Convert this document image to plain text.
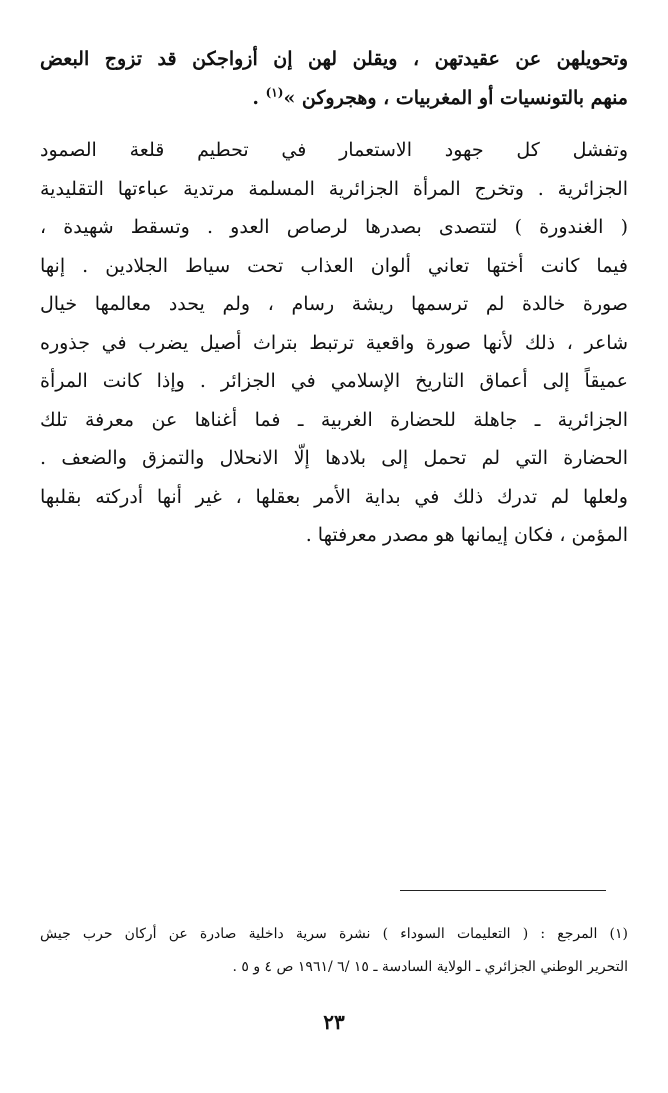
وتحويلهن عن عقيدتهن ، ويقلن لهن إن أزواجكن قد تزوج البعض
منهم بالتونسيات أو المغربيات ، وهجروكن »$^{(١)}$ .
وتفشل كل جهود الاستعمار في تحطيم قلعة الصمود
الجزائرية . وتخرج المرأة الجزائرية المسلمة مرتدية عباءتها التقليدية
( الغندورة ) لتتصدى بصدرها لرصاص العدو . وتسقط شهيدة ،
فيما كانت أختها تعاني ألوان العذاب تحت سياط الجلادين . إنها
صورة خالدة لم ترسمها ريشة رسام ، ولم يحدد معالمها خيال
شاعر ، ذلك لأنها صورة واقعية ترتبط بتراث أصيل يضرب في جذوره
عميقاً إلى أعماق التاريخ الإسلامي في الجزائر . وإذا كانت المرأة
الجزائرية ـ جاهلة للحضارة الغربية ـ فما أغناها عن معرفة تلك
الحضارة التي لم تحمل إلى بلادها إلّا الانحلال والتمزق والضعف .
ولعلها لم تدرك ذلك في بداية الأمر بعقلها ، غير أنها أدركته بقلبها
المؤمن ، فكان إيمانها هو مصدر معرفتها .
(١) المرجع : ( التعليمات السوداء ) نشرة سرية داخلية صادرة عن أركان حرب جيش
التحرير الوطني الجزائري ـ الولاية السادسة ـ ١٥ /٦ /١٩٦١ ص ٤ و ٥ .
٢٣
